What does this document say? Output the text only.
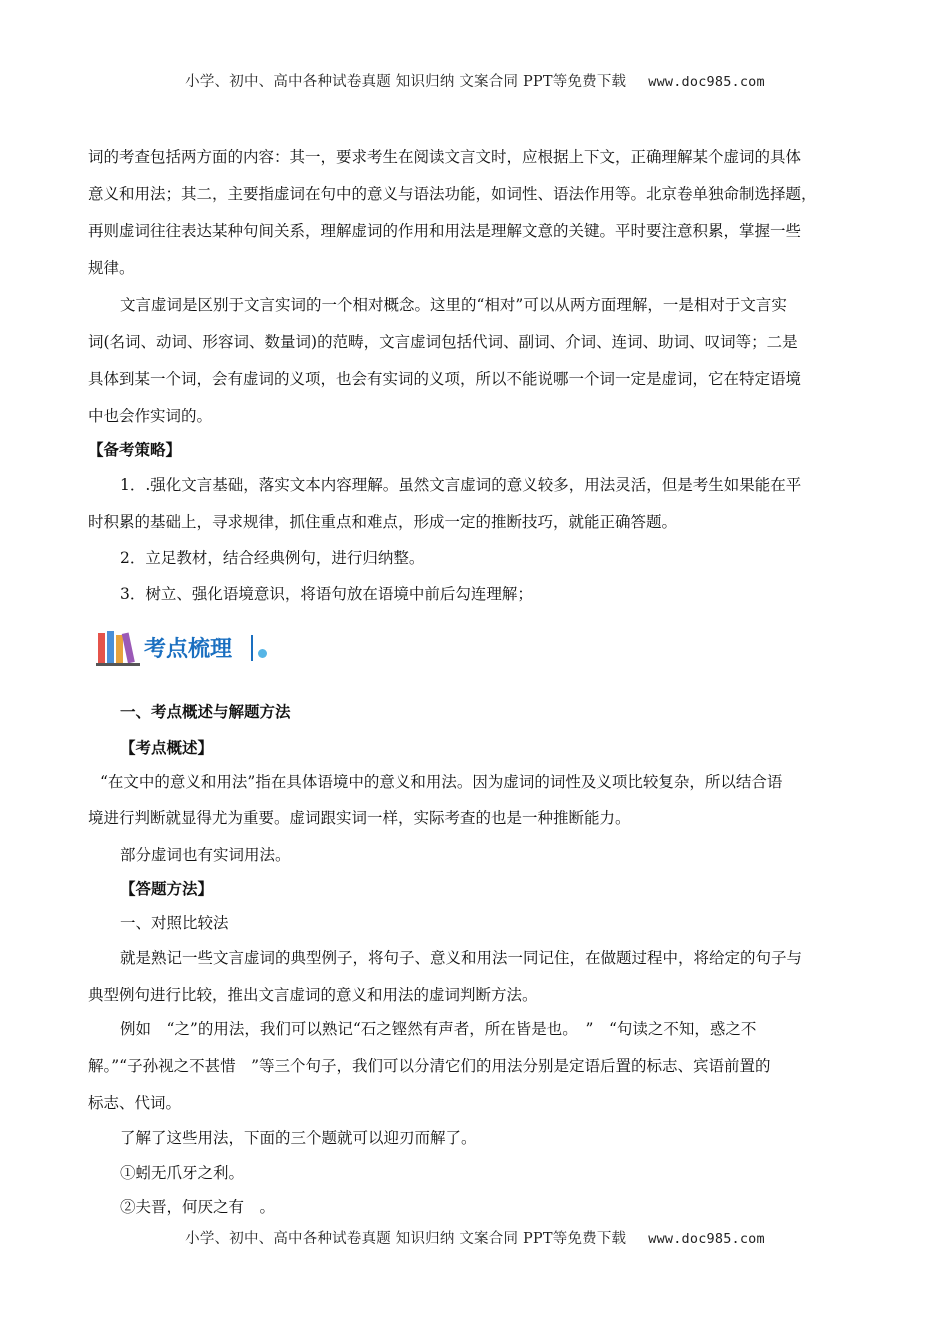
小学、初中、高中各种试卷真题 知识归纳 文案合同 PPT等免费下载 www.doc985.com
词的考查包括两方面的内容：其一，要求考生在阅读文言文时，应根据上下文，正确理解某个虚词的具体
意义和用法；其二，主要指虚词在句中的意义与语法功能，如词性、语法作用等。北京卷单独命制选择题，
再则虚词往往表达某种句间关系，理解虚词的作用和用法是理解文意的关键。平时要注意积累，掌握一些
规律。
文言虚词是区别于文言实词的一个相对概念。这里的“相对”可以从两方面理解，一是相对于文言实
词(名词、动词、形容词、数量词)的范畴，文言虚词包括代词、副词、介词、连词、助词、叹词等；二是
具体到某一个词，会有虚词的义项，也会有实词的义项，所以不能说哪一个词一定是虚词，它在特定语境
中也会作实词的。
【备考策略】
1．.强化文言基础，落实文本内容理解。虽然文言虚词的意义较多，用法灵活，但是考生如果能在平
时积累的基础上，寻求规律，抓住重点和难点，形成一定的推断技巧，就能正确答题。
2．立足教材，结合经典例句，进行归纳整。
3．树立、强化语境意识，将语句放在语境中前后勾连理解；
考点梳理
一、考点概述与解题方法
【考点概述】
“在文中的意义和用法”指在具体语境中的意义和用法。因为虚词的词性及义项比较复杂，所以结合语
境进行判断就显得尤为重要。虚词跟实词一样，实际考查的也是一种推断能力。
部分虚词也有实词用法。
【答题方法】
一、对照比较法
就是熟记一些文言虚词的典型例子，将句子、意义和用法一同记住，在做题过程中，将给定的句子与
典型例句进行比较，推出文言虚词的意义和用法的虚词判断方法。
例如　“之”的用法，我们可以熟记“石之铿然有声者，所在皆是也。　”　“句读之不知，惑之不
解。”“子孙视之不甚惜　”等三个句子，我们可以分清它们的用法分别是定语后置的标志、宾语前置的
标志、代词。
了解了这些用法，下面的三个题就可以迎刃而解了。
①蚓无爪牙之利。
②夫晋，何厌之有　。
小学、初中、高中各种试卷真题 知识归纳 文案合同 PPT等免费下载 www.doc985.com
